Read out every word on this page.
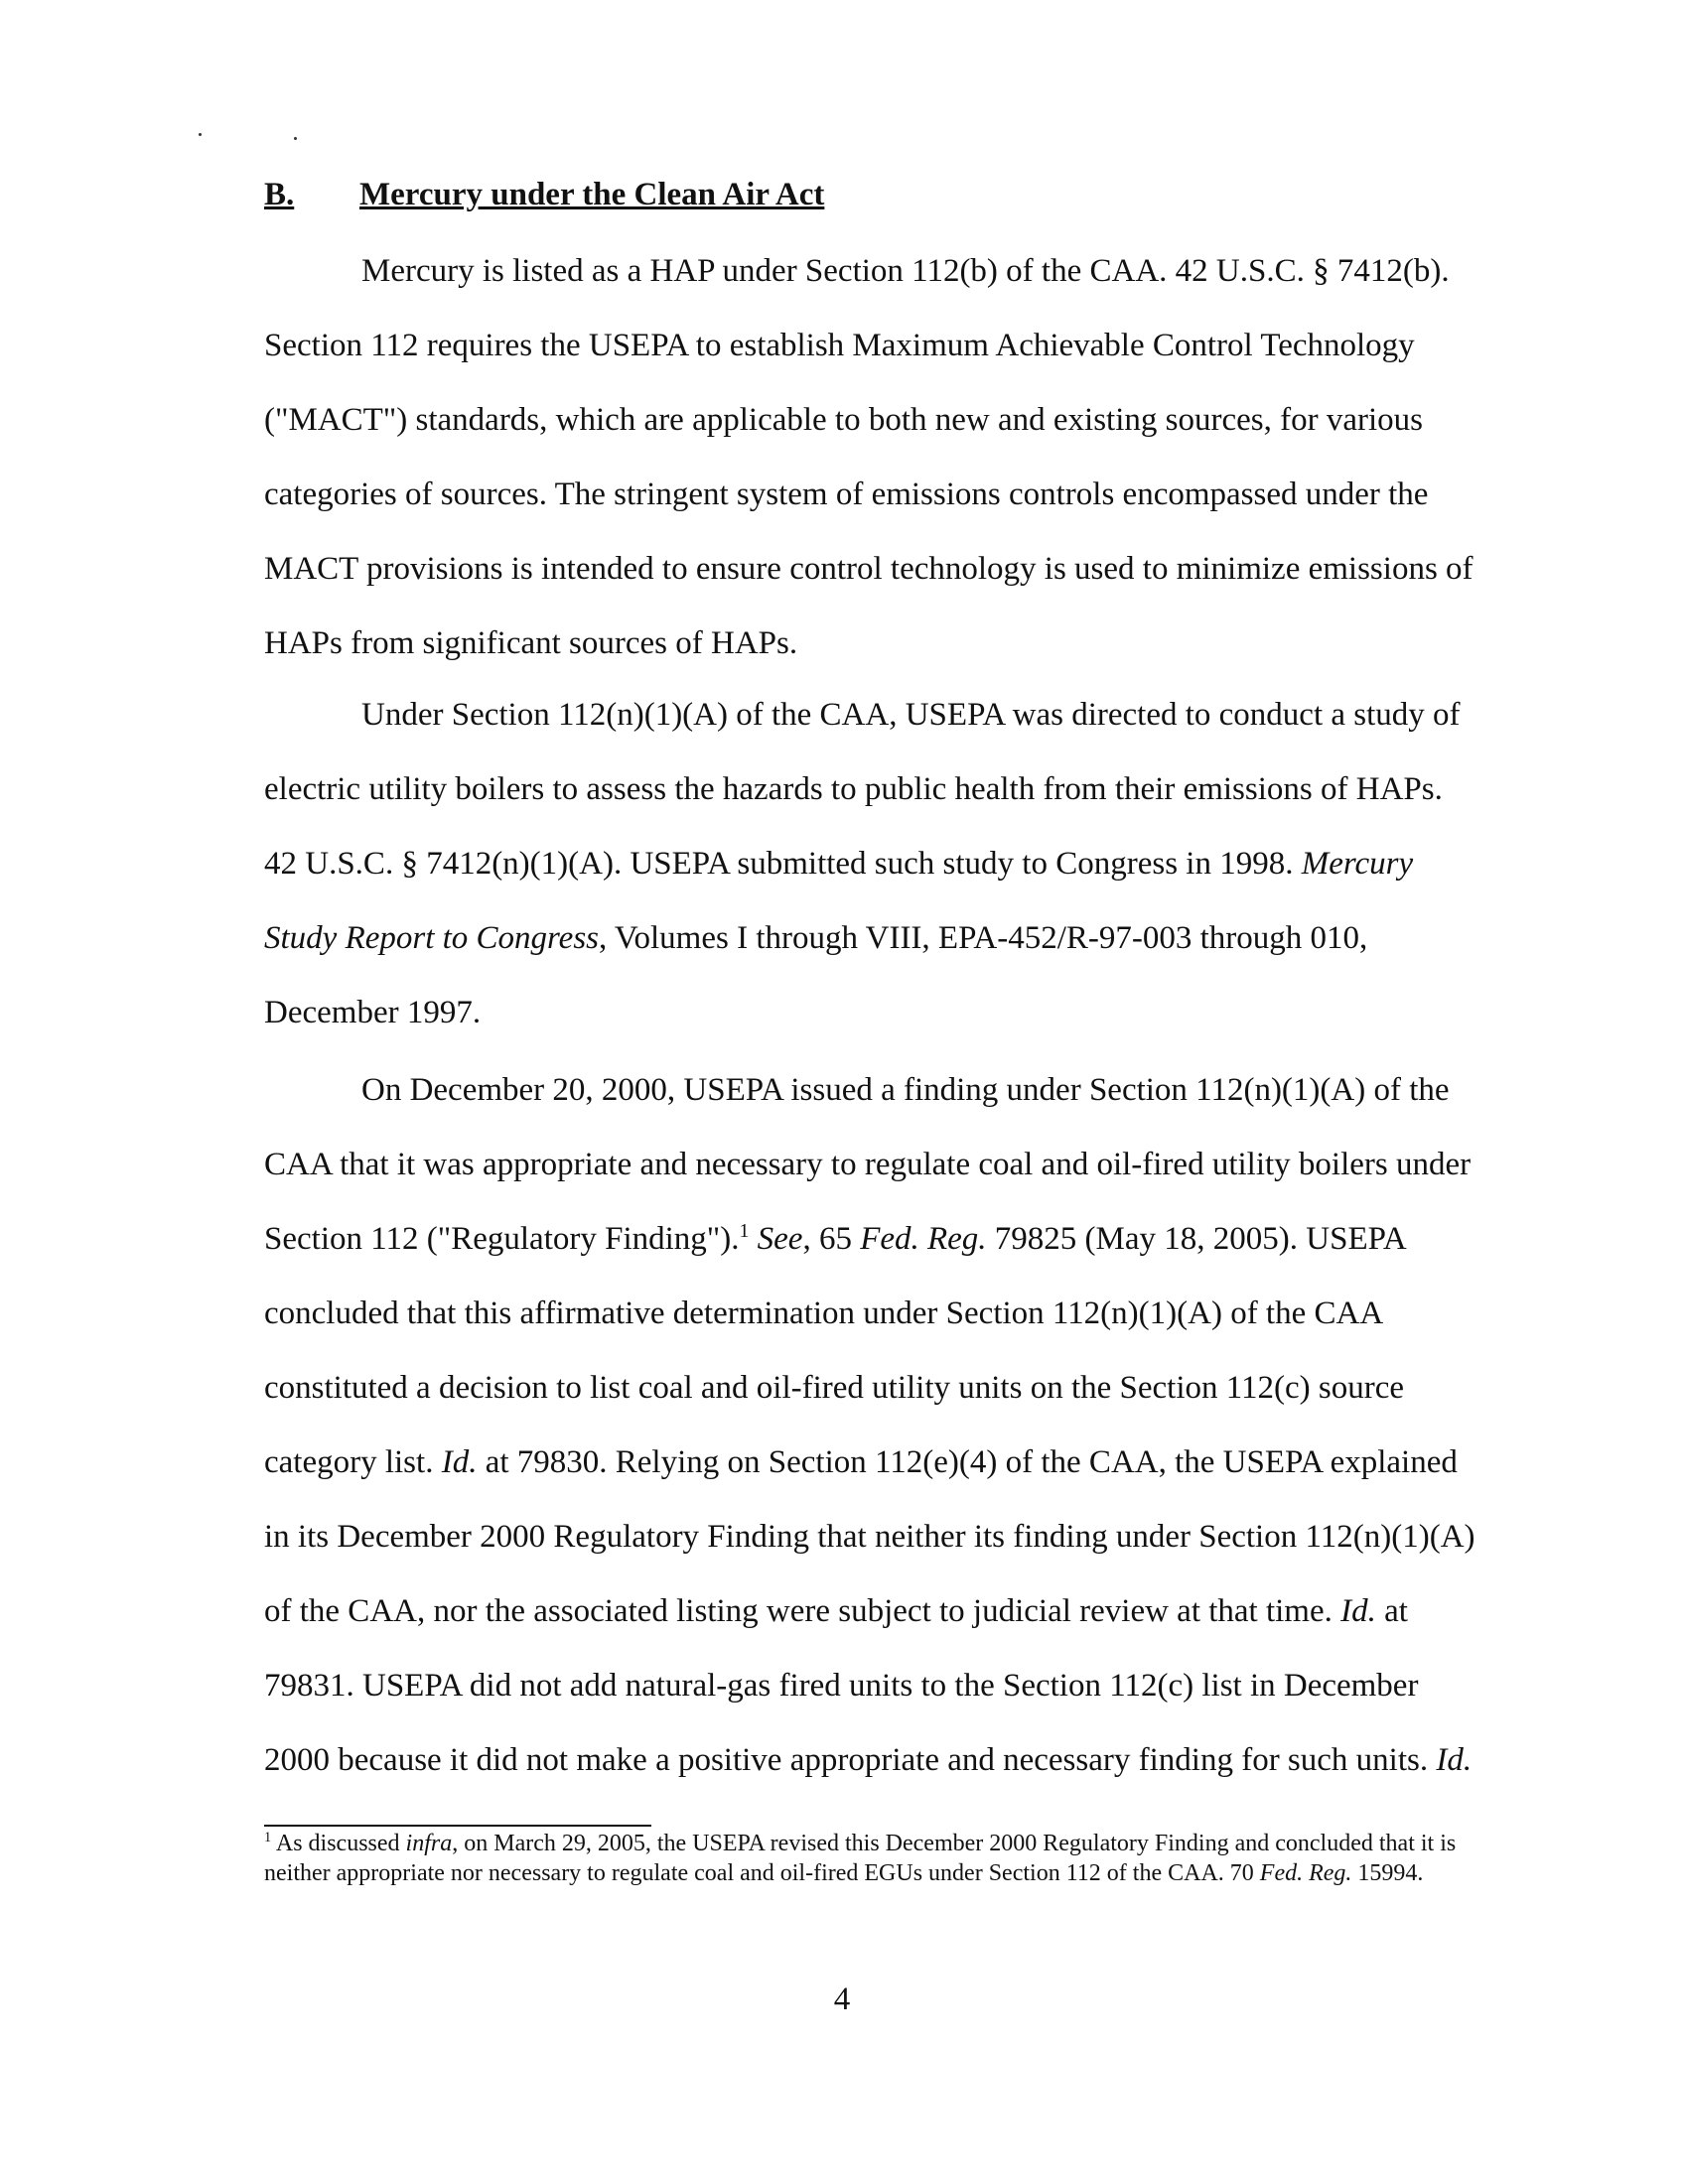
B. Mercury under the Clean Air Act

Mercury is listed as a HAP under Section 112(b) of the CAA. 42 U.S.C. § 7412(b). Section 112 requires the USEPA to establish Maximum Achievable Control Technology ("MACT") standards, which are applicable to both new and existing sources, for various categories of sources. The stringent system of emissions controls encompassed under the MACT provisions is intended to ensure control technology is used to minimize emissions of HAPs from significant sources of HAPs.

Under Section 112(n)(1)(A) of the CAA, USEPA was directed to conduct a study of electric utility boilers to assess the hazards to public health from their emissions of HAPs. 42 U.S.C. § 7412(n)(1)(A). USEPA submitted such study to Congress in 1998. Mercury Study Report to Congress, Volumes I through VIII, EPA-452/R-97-003 through 010, December 1997.

On December 20, 2000, USEPA issued a finding under Section 112(n)(1)(A) of the CAA that it was appropriate and necessary to regulate coal and oil-fired utility boilers under Section 112 ("Regulatory Finding").$^1$ See, 65 Fed. Reg. 79825 (May 18, 2005). USEPA concluded that this affirmative determination under Section 112(n)(1)(A) of the CAA constituted a decision to list coal and oil-fired utility units on the Section 112(c) source category list. Id. at 79830. Relying on Section 112(e)(4) of the CAA, the USEPA explained in its December 2000 Regulatory Finding that neither its finding under Section 112(n)(1)(A) of the CAA, nor the associated listing were subject to judicial review at that time. Id. at 79831. USEPA did not add natural-gas fired units to the Section 112(c) list in December 2000 because it did not make a positive appropriate and necessary finding for such units. Id.

$^1$ As discussed infra, on March 29, 2005, the USEPA revised this December 2000 Regulatory Finding and concluded that it is neither appropriate nor necessary to regulate coal and oil-fired EGUs under Section 112 of the CAA. 70 Fed. Reg. 15994.

4
